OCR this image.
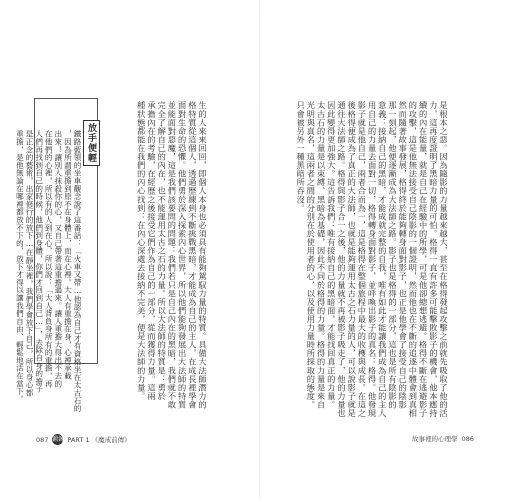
放手便輕
鐵路藍領的坐車觀念說了這番話：「火車又帶…他認為自己才有資格坐在太古石的
，因為所謂重擔到原不在身體上，而在心裡。大人有重擔在身，心裡承載
出來！讓別人抹殺你的心，又自己帶著這重擔過來。讓人重擔大得出不去的
在他們的心裡，所以有的人到在心，所以說：「大人背負身所有的重擔，再
人們再找到自己的時候，他們到身體，你們才回到自己…」，去除自身的擔子
是正念的藝術，出家修行的放下…在靜坐裡，我們學會放下自己，所以身心都
重擔，是他無論在哪裡都放不下的，放下才得以讓我們自由、輕鬆地活在當下。	生的人來來回回，即個人本身也必須具有能夠駕馭力量的特質。具備大法師潛力的
格特質從這個人，透過歷練到不斷挑戰黑暗，才能成為自己的主人，在成長裡學會
面對生命的恐懼。他們勇於深入探索內心世界，所以他們能夠發展出大法師的特質
並能面對惡魔，這是我們該要問的問題：我們若只是自己內在的黑暗，我們就不敢
完全了解自己的內在，也不能運用太古之石的力量。所以大法師的特質是：勇於
承擔內在的考驗，在經歷之後接受它們作為自己的一部分，從而獲得力量。這兩
種狀態都能在我們的內心找到：在內心深處去接納不完美，便是大法師的力量。
087 鍛鍊 PART 1 《魔戒前傳》
是根本之惡。因為隨影的力量越來越大，甚至在格得發起攻擊之前就先吸取了他的活
力，這再度證明了黑暗力量的可怕。格得一直有許多可能擊敗影子的機會，他本應持
續的內在能量，就是自己在經驗中的所學，可是他卻總想逃避。格得不斷在逃避影子
的攻擊，這是他無法接受自己陰影的一個證明，然而他也在不斷的追逐中體會到真相
然而隨著故事發展，格得終於能夠轉身面對影子，也正是他學會了接受自己的陰影
那一刻起，他便逐漸成為大法師之路。影子也是格得的一部分，這也是所有陰影的
意義：接納自己的黑暗，才能成就完整的自我，唯有如此才能讓我們成為自己的主人
用自己的力量去面對一切，格得轉身面對影子，並呼喚出影子的真名：格得。他發現
影子就是他自己，兩者合而為一，這是格得在整個旅程中最大的收穫與成長。在這之
後格得便成為了真正的大法師，也就是能夠運用太古之石力量的人，可以說影子就是
通往大法師之路。格得與影子合一之後，他的力量就不再被影子吸走了，他的力量也
因此變得更加強大。這告訴我們：唯有接納自己的黑暗面，才能找回真正的力量。
太古石的力量是以束縛、黑暗為基礎，因此不同於格得的力量。格得的力量是來自
光明與真名，這兩者之間的分別在於使用者的心，以及使用力量時所採取的態度。
只會被另外一種黑暗所吞沒。
故事裡的心理學 086
